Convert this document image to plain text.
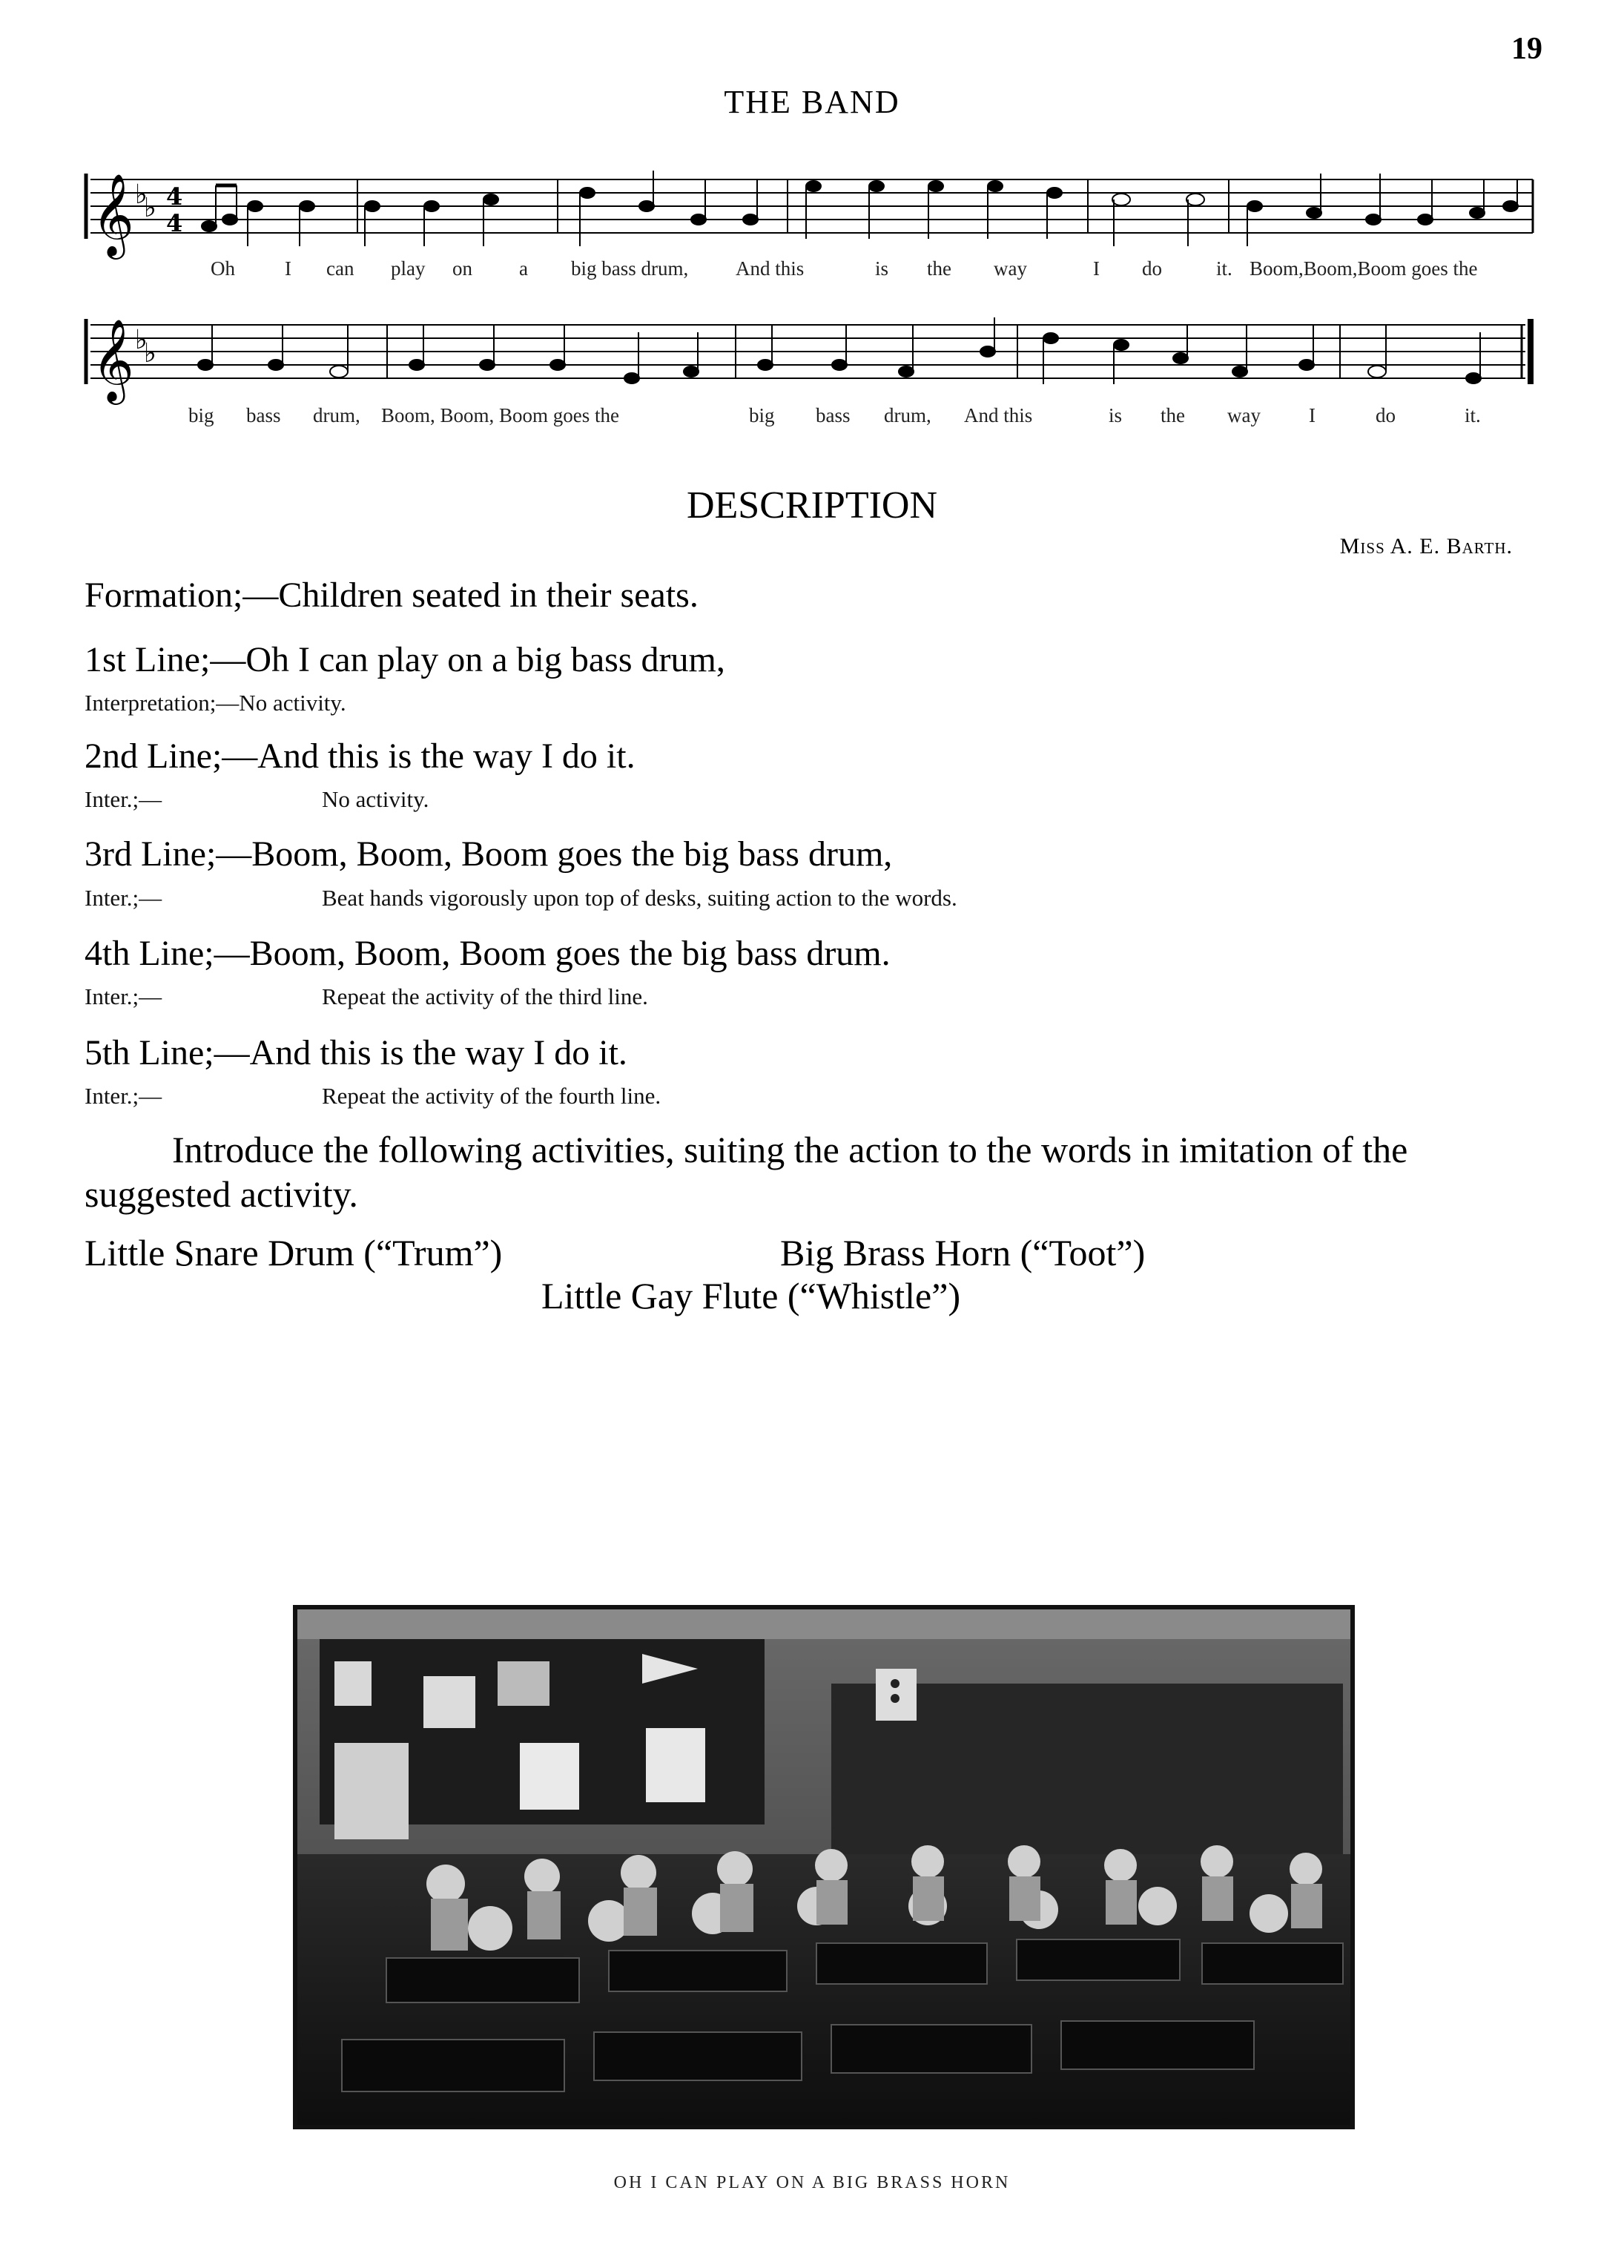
19
THE BAND
𝄞 ♭
♭ 4
4
Oh I can play on a big bass drum, And this	is the way	I do	it. Boom,Boom,Boom goes the
𝄞 ♭
♭
big bass drum, Boom, Boom, Boom goes the	big bass drum, And this	is the way I	do	it.
DESCRIPTION
Miss A. E. Barth.
Formation;—Children seated in their seats.
1st Line;—Oh I can play on a big bass drum,
Interpretation;—No activity.
2nd Line;—And this is the way I do it.
Inter.;—	No activity.
3rd Line;—Boom, Boom, Boom goes the big bass drum,
Inter.;—	Beat hands vigorously upon top of desks, suiting action to the words.
4th Line;—Boom, Boom, Boom goes the big bass drum.
Inter.;—	Repeat the activity of the third line.
5th Line;—And this is the way I do it.
Inter.;—	Repeat the activity of the fourth line.
Introduce the following activities, suiting the action to the words in imitation of the suggested activity.
Little Snare Drum (“Trum”)	Big Brass Horn (“Toot”)
Little Gay Flute (“Whistle”)
OH I CAN PLAY ON A BIG BRASS HORN
